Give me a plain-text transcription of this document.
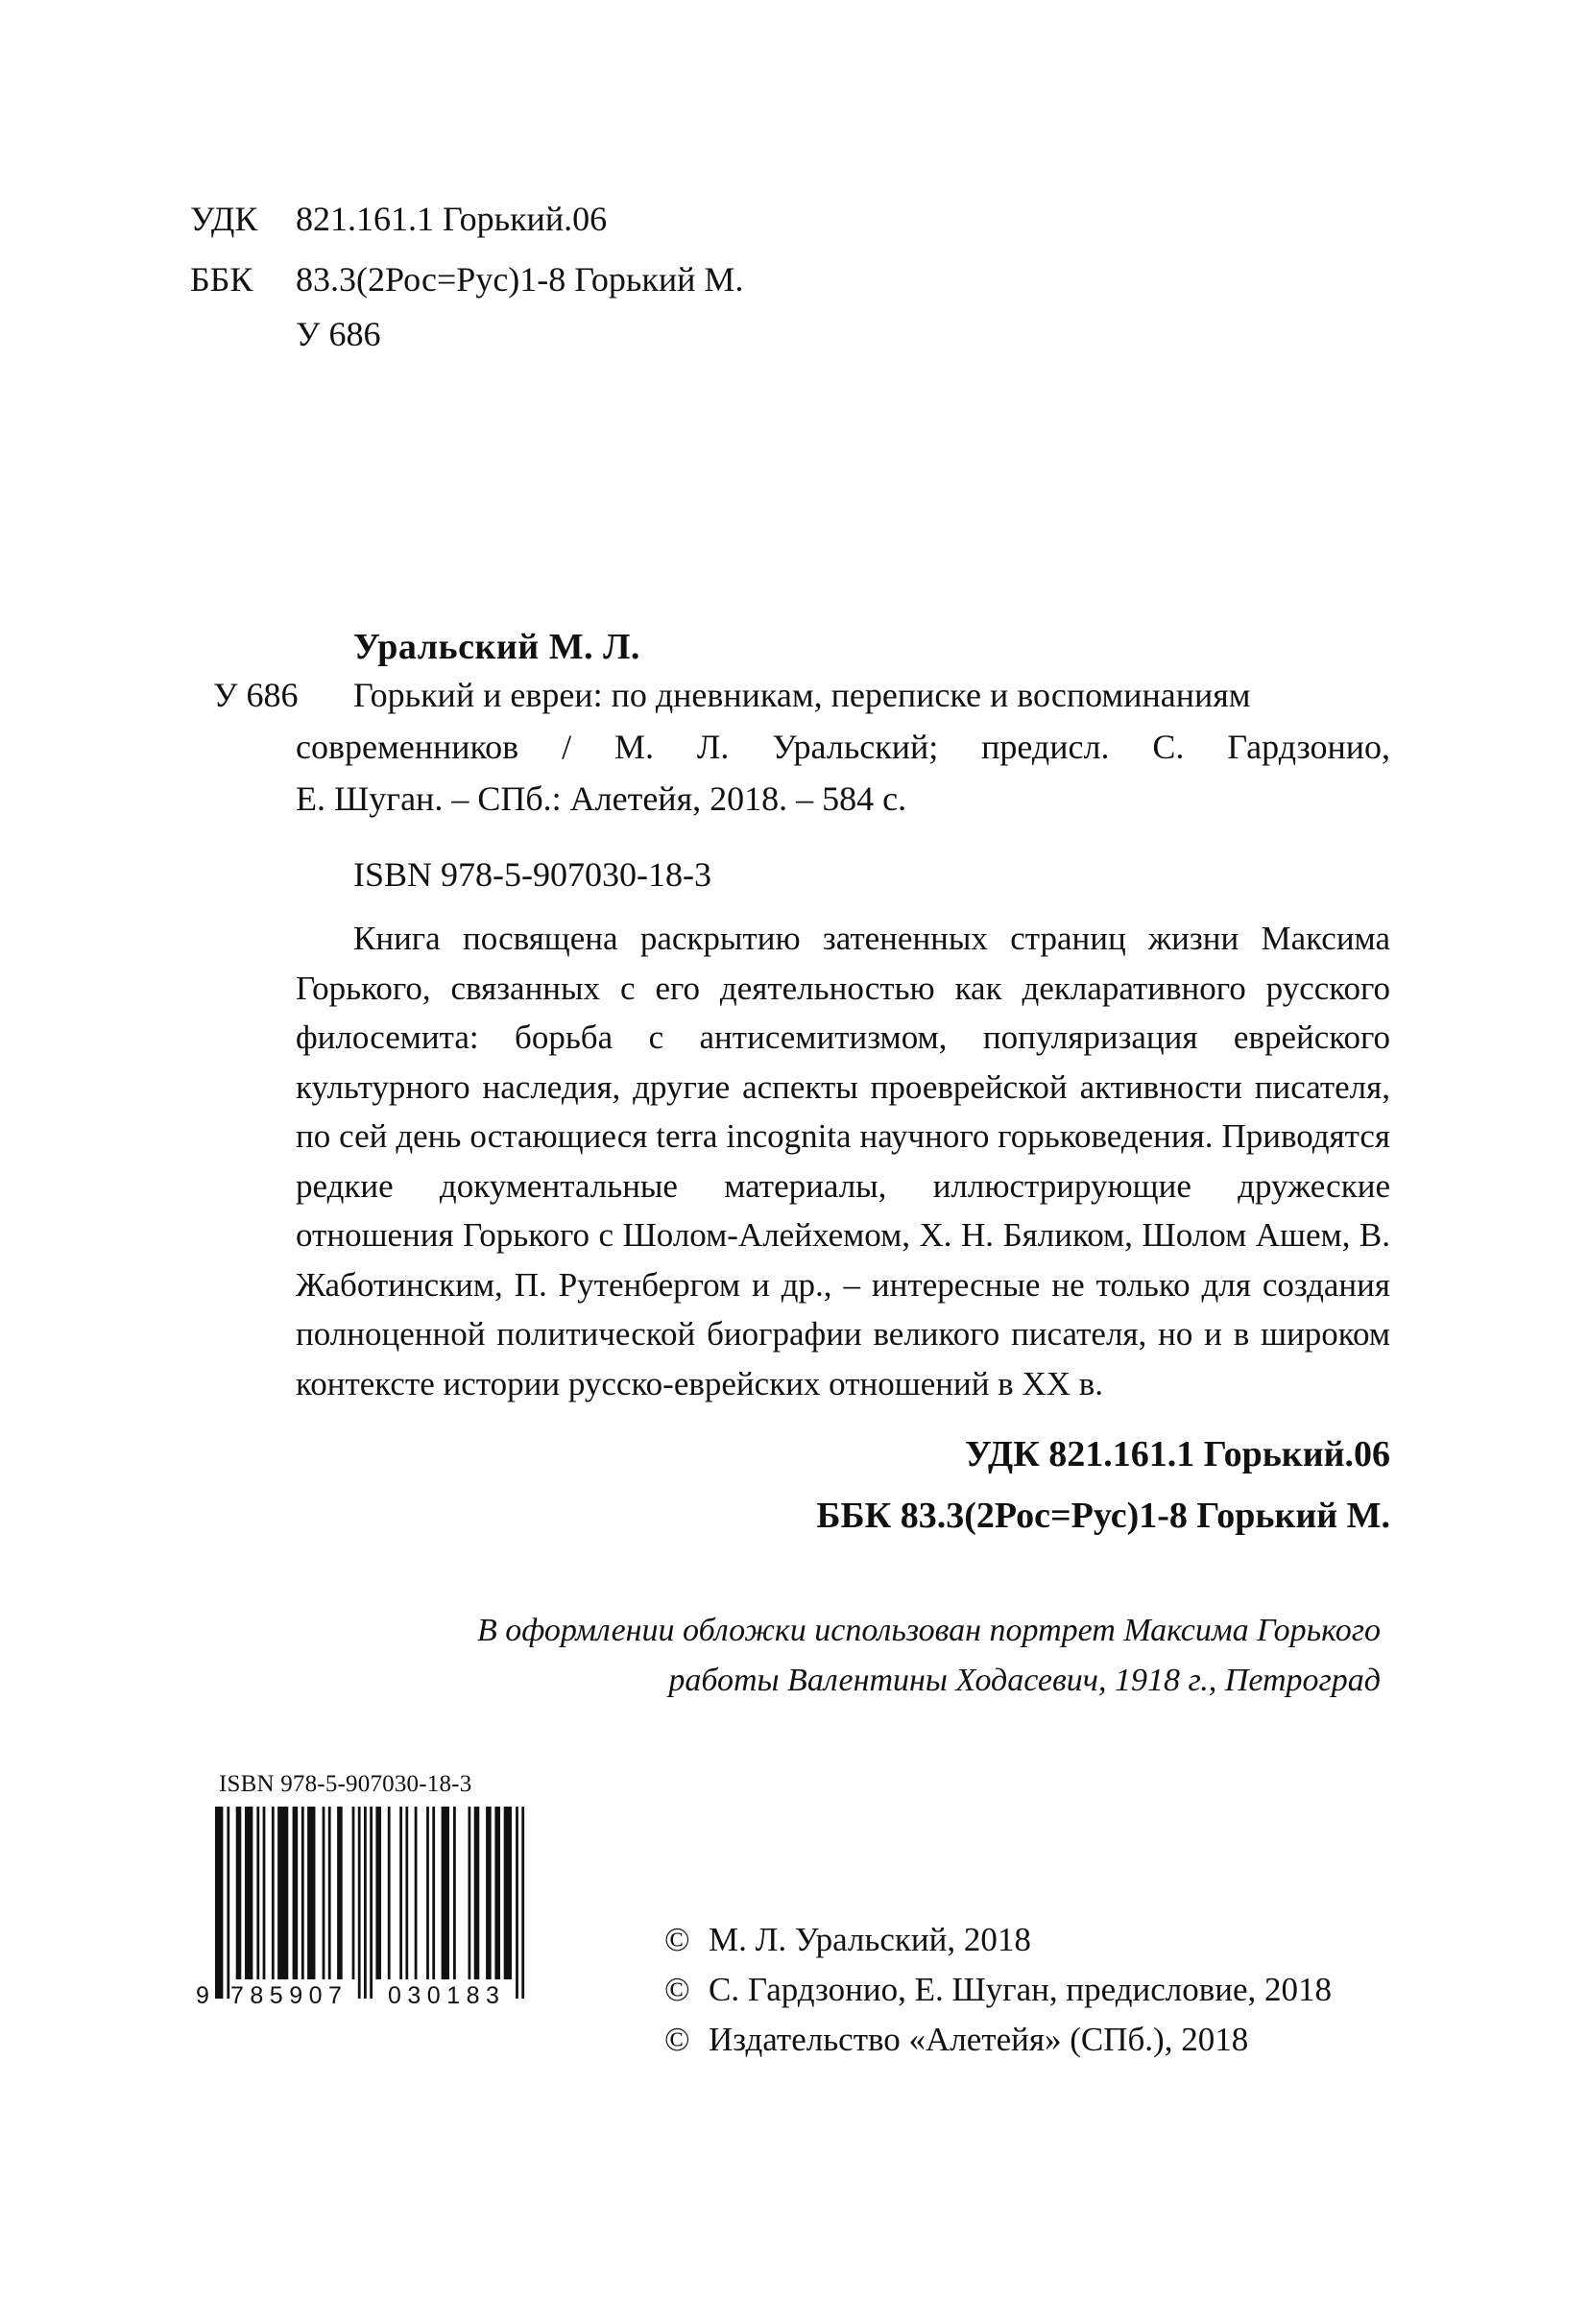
УДК 821.161.1 Горький.06
ББК 83.3(2Рос=Рус)1-8 Горький М.
У 686
Уральский М. Л.
У 686	Горький и евреи: по дневникам, переписке и воспоминаниям
современников / М. Л. Уральский; предисл. С. Гардзонио,
Е. Шуган. – СПб.: Алетейя, 2018. – 584 с.
ISBN 978-5-907030-18-3
Книга посвящена раскрытию затененных страниц жизни Максима Горького, связанных с его деятельностью как декларативного русского филосемита: борьба с антисемитизмом, популяризация еврейского культурного наследия, другие аспекты проеврейской активности писателя, по сей день остающиеся terra incognita научного горьковедения. Приводятся редкие документальные материалы, иллюстрирующие дружеские отношения Горького с Шолом-Алейхемом, Х. Н. Бяликом, Шолом Ашем, В. Жаботинским, П. Рутенбергом и др., – интересные не только для создания полноценной политической биографии великого писателя, но и в широком контексте истории русско-еврейских отношений в ХХ в.
УДК 821.161.1 Горький.06
ББК 83.3(2Рос=Рус)1-8 Горький М.
В оформлении обложки использован портрет Максима Горького
работы Валентины Ходасевич, 1918 г., Петроград
ISBN 978-5-907030-18-3
9 785907 030183
© М. Л. Уральский, 2018
© С. Гардзонио, Е. Шуган, предисловие, 2018
© Издательство «Алетейя» (СПб.), 2018
